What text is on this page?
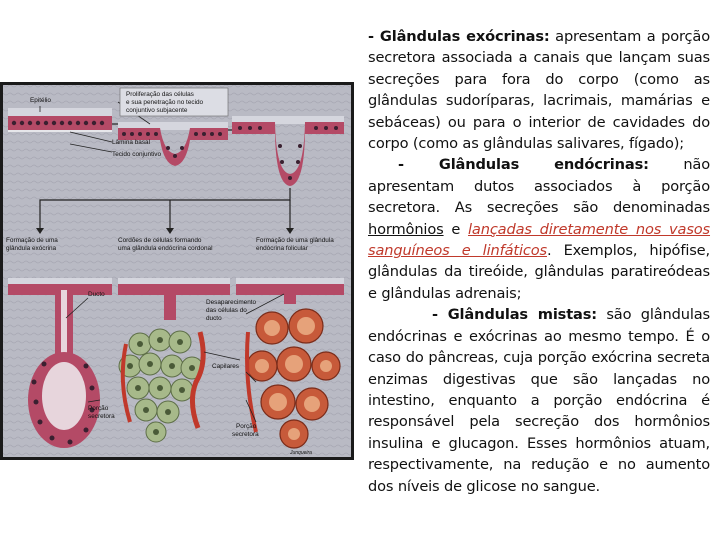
Epitélio
Proliferação das células
e sua penetração no tecido
conjuntivo subjacente
Lâmina basal
Tecido conjuntivo
Formação de uma
glândula exócrina
Cordões de células formando
uma glândula endócrina cordonal
Formação de uma glândula
endócrina folicular
Ducto
Desaparecimento
das células do
ducto
Capilares
Porção
secretora
Porção
secretora
Junqueira

- Glândulas exócrinas: apresentam a porção secretora associada a canais que lançam suas secreções para fora do corpo (como as glândulas sudoríparas, lacrimais, mamárias e sebáceas) ou para o interior de cavidades do corpo (como as glândulas salivares, fígado);

- Glândulas endócrinas: não apresentam dutos associados à porção secretora. As secreções são denominadas hormônios e lançadas diretamente nos vasos sanguíneos e linfáticos. Exemplos, hipófise, glândulas da tireóide, glândulas paratireódeas e glândulas adrenais;

- Glândulas mistas: são glândulas endócrinas e exócrinas ao mesmo tempo. É o caso do pâncreas, cuja porção exócrina secreta enzimas digestivas que são lançadas no intestino, enquanto a porção endócrina é responsável pela secreção dos hormônios insulina e glucagon. Esses hormônios atuam, respectivamente, na redução e no aumento dos níveis de glicose no sangue.
